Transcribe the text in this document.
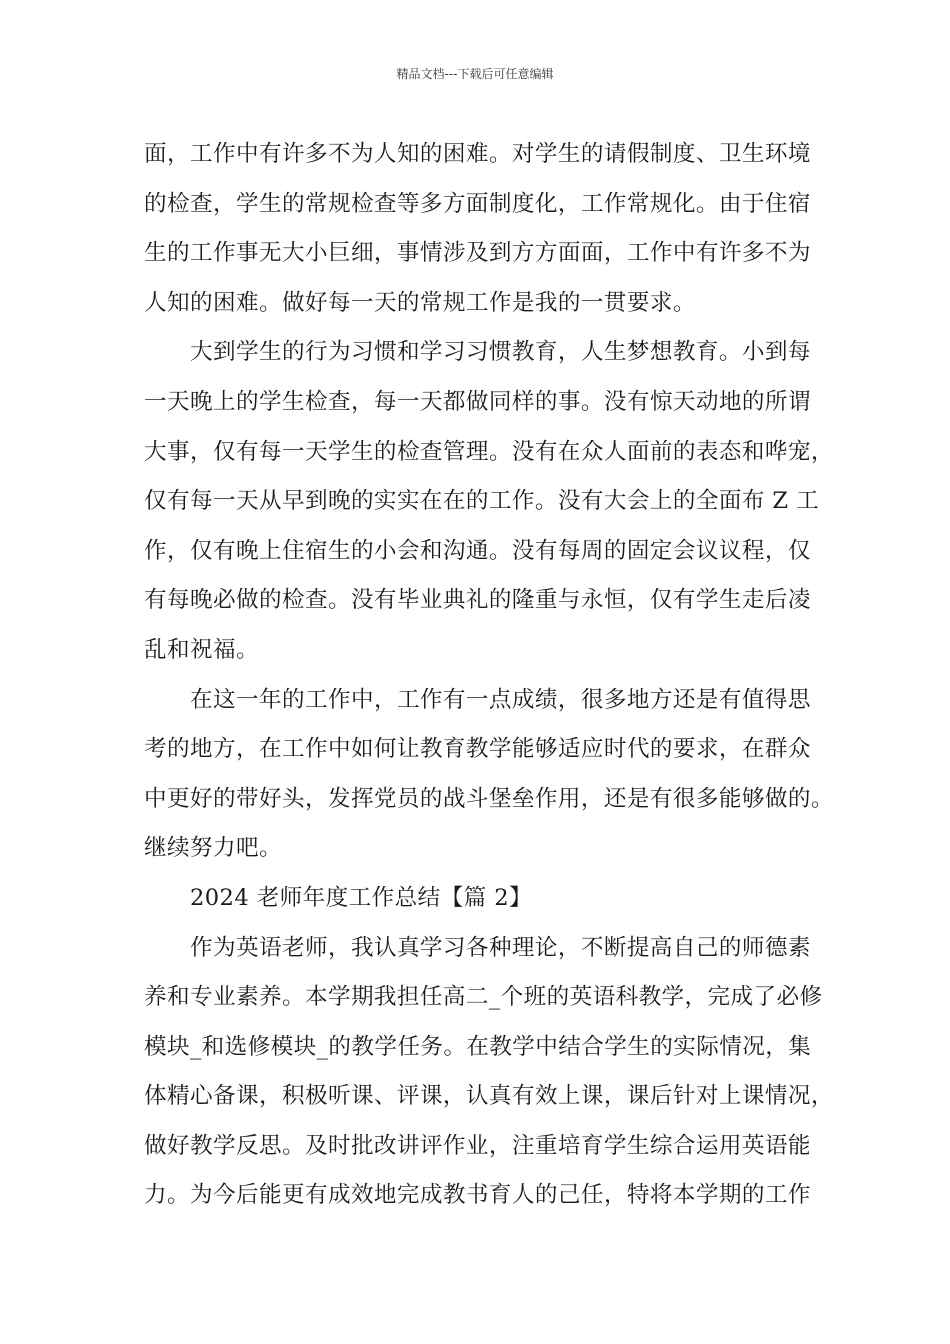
精品文档---下载后可任意编辑
面，工作中有许多不为人知的困难。对学生的请假制度、卫生环境
的检查，学生的常规检查等多方面制度化，工作常规化。由于住宿
生的工作事无大小巨细，事情涉及到方方面面，工作中有许多不为
人知的困难。做好每一天的常规工作是我的一贯要求。
大到学生的行为习惯和学习习惯教育，人生梦想教育。小到每
一天晚上的学生检查，每一天都做同样的事。没有惊天动地的所谓
大事，仅有每一天学生的检查管理。没有在众人面前的表态和哗宠，
仅有每一天从早到晚的实实在在的工作。没有大会上的全面布 Z 工
作，仅有晚上住宿生的小会和沟通。没有每周的固定会议议程，仅
有每晚必做的检查。没有毕业典礼的隆重与永恒，仅有学生走后凌
乱和祝福。
在这一年的工作中，工作有一点成绩，很多地方还是有值得思
考的地方，在工作中如何让教育教学能够适应时代的要求，在群众
中更好的带好头，发挥党员的战斗堡垒作用，还是有很多能够做的。
继续努力吧。
2024 老师年度工作总结【篇 2】
作为英语老师，我认真学习各种理论，不断提高自己的师德素
养和专业素养。本学期我担任高二_个班的英语科教学，完成了必修
模块_和选修模块_的教学任务。在教学中结合学生的实际情况，集
体精心备课，积极听课、评课，认真有效上课，课后针对上课情况，
做好教学反思。及时批改讲评作业，注重培育学生综合运用英语能
力。为今后能更有成效地完成教书育人的己任，特将本学期的工作
